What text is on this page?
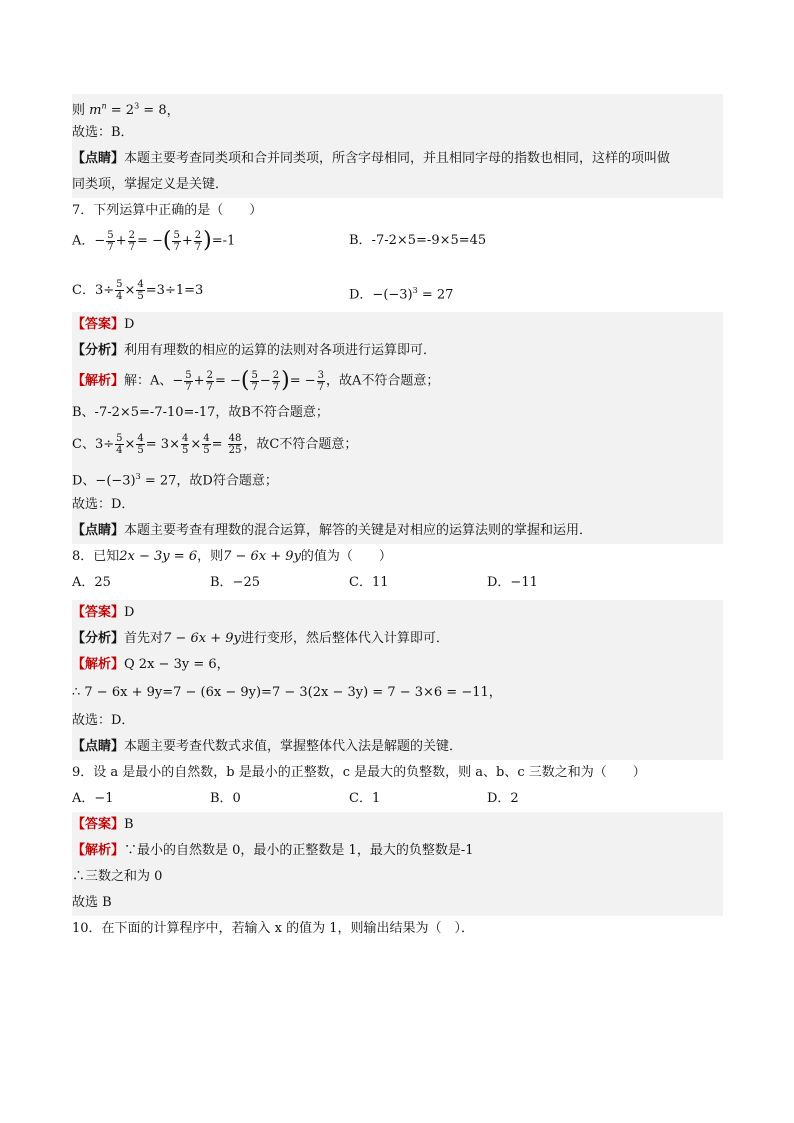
则 $m^n = 2^3 = 8$，
故选：B．
【点睛】本题主要考查同类项和合并同类项，所含字母相同，并且相同字母的指数也相同，这样的项叫做
同类项，掌握定义是关键．
7．下列运算中正确的是（　　）
A．− $\frac{5}{7} + \frac{2}{7}$ = −( $\frac{5}{7} + \frac{2}{7} )=-1$	B．-7-2×5=-9×5=45
C．$3\div \frac{5}{4} \times \frac{4}{5} =3\div 1=3$	D．$-(-3)^3 = 27$
【答案】D
【分析】利用有理数的相应的运算的法则对各项进行运算即可．
【解析】解：A、− $\frac{5}{7} + \frac{2}{7}$ = −( $\frac{5}{7} - \frac{2}{7}$ )= − $\frac{3}{7}$ ，故A不符合题意；
B、-7-2×5=-7-10=-17，故B不符合题意；
C、$3\div \frac{5}{4} \times \frac{4}{5} = 3\times \frac{4}{5} \times \frac{4}{5} = \frac{48}{25}$ ，故C不符合题意；
D、$-(-3)^3 = 27$，故D符合题意；
故选：D．
【点睛】本题主要考查有理数的混合运算，解答的关键是对相应的运算法则的掌握和运用．
8．已知2x − 3y = 6，则7 − 6x + 9y的值为（　　）
A．25	B．−25	C．11	D．−11
【答案】D
【分析】首先对7 − 6x + 9y进行变形，然后整体代入计算即可．
【解析】Q 2x − 3y = 6，
∴ 7 − 6x + 9y=7 − (6x − 9y)=7 − 3(2x − 3y) = 7 − 3×6 = −11，
故选：D．
【点睛】本题主要考查代数式求值，掌握整体代入法是解题的关键．
9．设 a 是最小的自然数，b 是最小的正整数，c 是最大的负整数，则 a、b、c 三数之和为（　　）
A．−1	B．0	C．1	D．2
【答案】B
【解析】∵最小的自然数是 0，最小的正整数是 1，最大的负整数是-1
∴三数之和为 0
故选 B
10．在下面的计算程序中，若输入 x 的值为 1，则输出结果为（　）．
